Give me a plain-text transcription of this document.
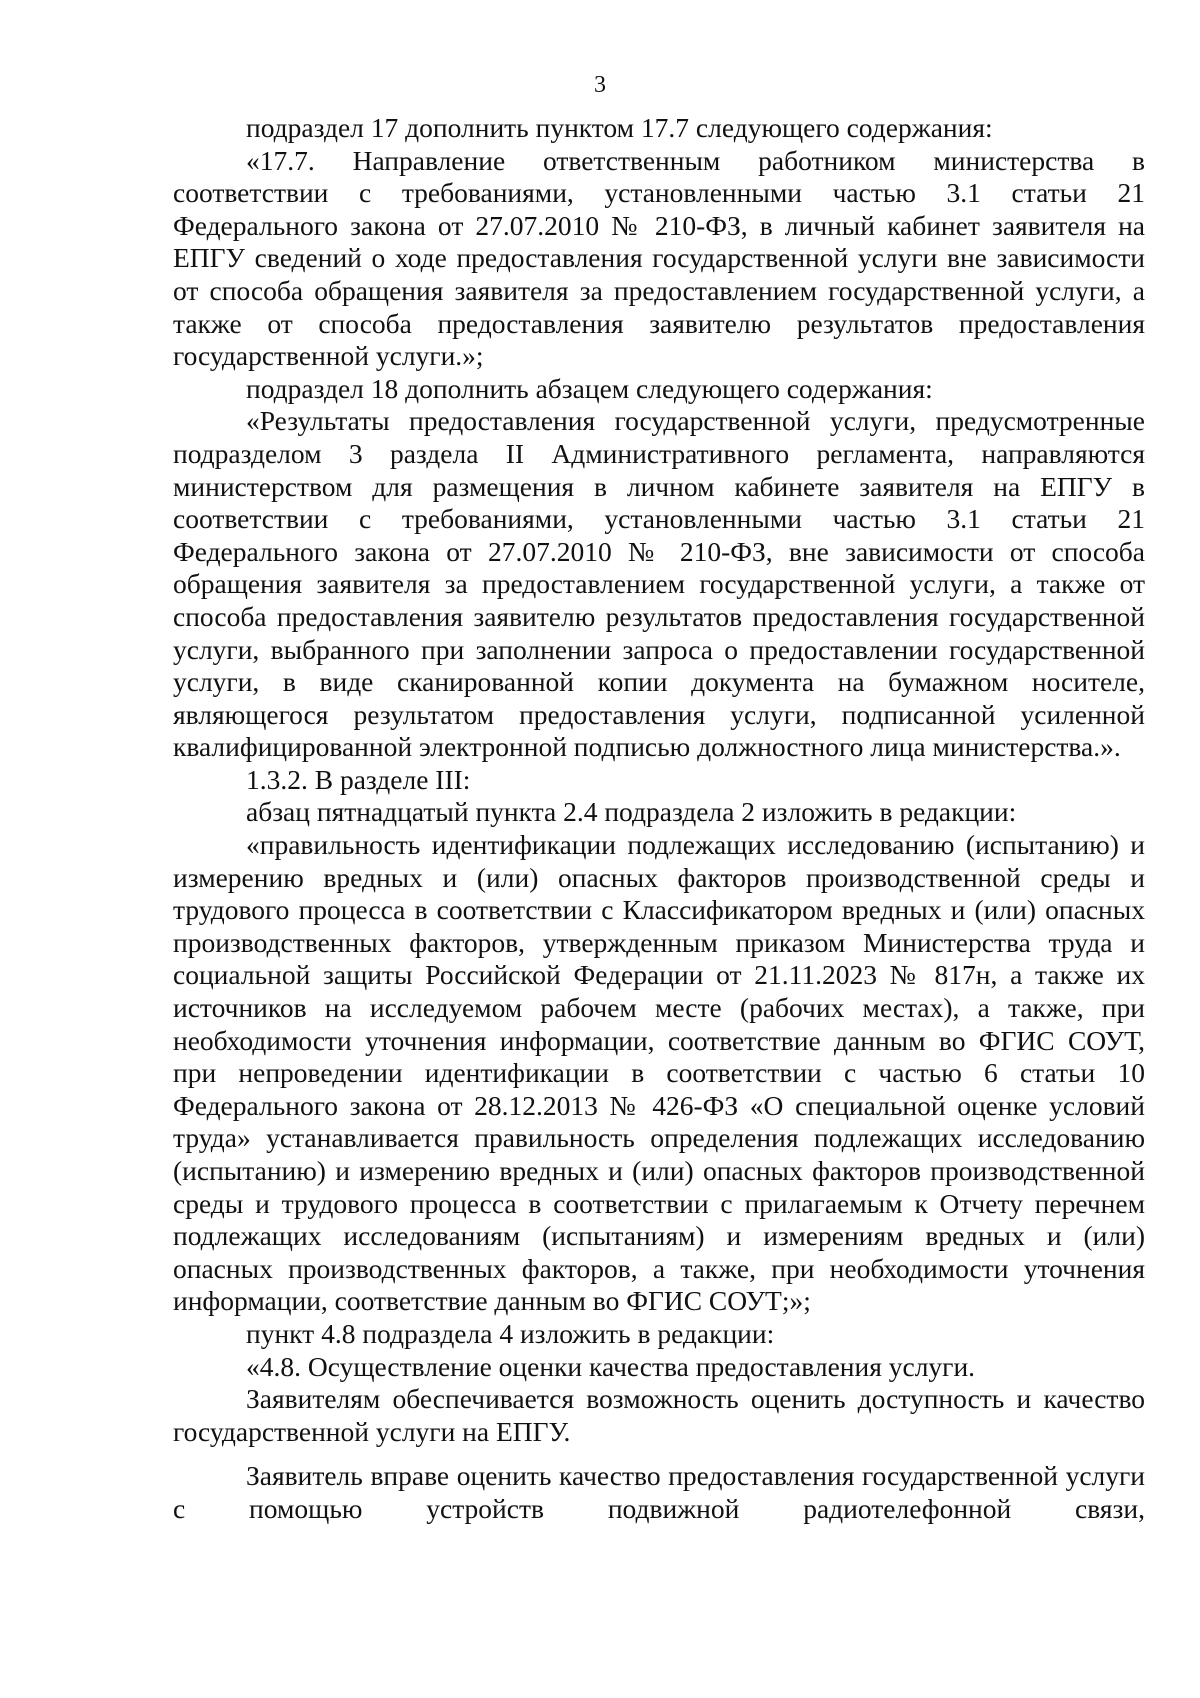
3

подраздел 17 дополнить пунктом 17.7 следующего содержания:

«17.7. Направление ответственным работником министерства в соответствии с требованиями, установленными частью 3.1 статьи 21 Федерального закона от 27.07.2010 № 210-ФЗ, в личный кабинет заявителя на ЕПГУ сведений о ходе предоставления государственной услуги вне зависимости от способа обращения заявителя за предоставлением государственной услуги, а также от способа предоставления заявителю результатов предоставления государственной услуги.»;

подраздел 18 дополнить абзацем следующего содержания:

«Результаты предоставления государственной услуги, предусмотренные подразделом 3 раздела II Административного регламента, направляются министерством для размещения в личном кабинете заявителя на ЕПГУ в соответствии с требованиями, установленными частью 3.1 статьи 21 Федерального закона от 27.07.2010 № 210-ФЗ, вне зависимости от способа обращения заявителя за предоставлением государственной услуги, а также от способа предоставления заявителю результатов предоставления государственной услуги, выбранного при заполнении запроса о предоставлении государственной услуги, в виде сканированной копии документа на бумажном носителе, являющегося результатом предоставления услуги, подписанной усиленной квалифицированной электронной подписью должностного лица министерства.».

1.3.2. В разделе III:

абзац пятнадцатый пункта 2.4 подраздела 2 изложить в редакции:

«правильность идентификации подлежащих исследованию (испытанию) и измерению вредных и (или) опасных факторов производственной среды и трудового процесса в соответствии с Классификатором вредных и (или) опасных производственных факторов, утвержденным приказом Министерства труда и социальной защиты Российской Федерации от 21.11.2023 № 817н, а также их источников на исследуемом рабочем месте (рабочих местах), а также, при необходимости уточнения информации, соответствие данным во ФГИС СОУТ, при непроведении идентификации в соответствии с частью 6 статьи 10 Федерального закона от 28.12.2013 № 426-ФЗ «О специальной оценке условий труда» устанавливается правильность определения подлежащих исследованию (испытанию) и измерению вредных и (или) опасных факторов производственной среды и трудового процесса в соответствии с прилагаемым к Отчету перечнем подлежащих исследованиям (испытаниям) и измерениям вредных и (или) опасных производственных факторов, а также, при необходимости уточнения информации, соответствие данным во ФГИС СОУТ;»;

пункт 4.8 подраздела 4 изложить в редакции:

«4.8. Осуществление оценки качества предоставления услуги.

Заявителям обеспечивается возможность оценить доступность и качество государственной услуги на ЕПГУ.

Заявитель вправе оценить качество предоставления государственной услуги с помощью устройств подвижной радиотелефонной связи,
